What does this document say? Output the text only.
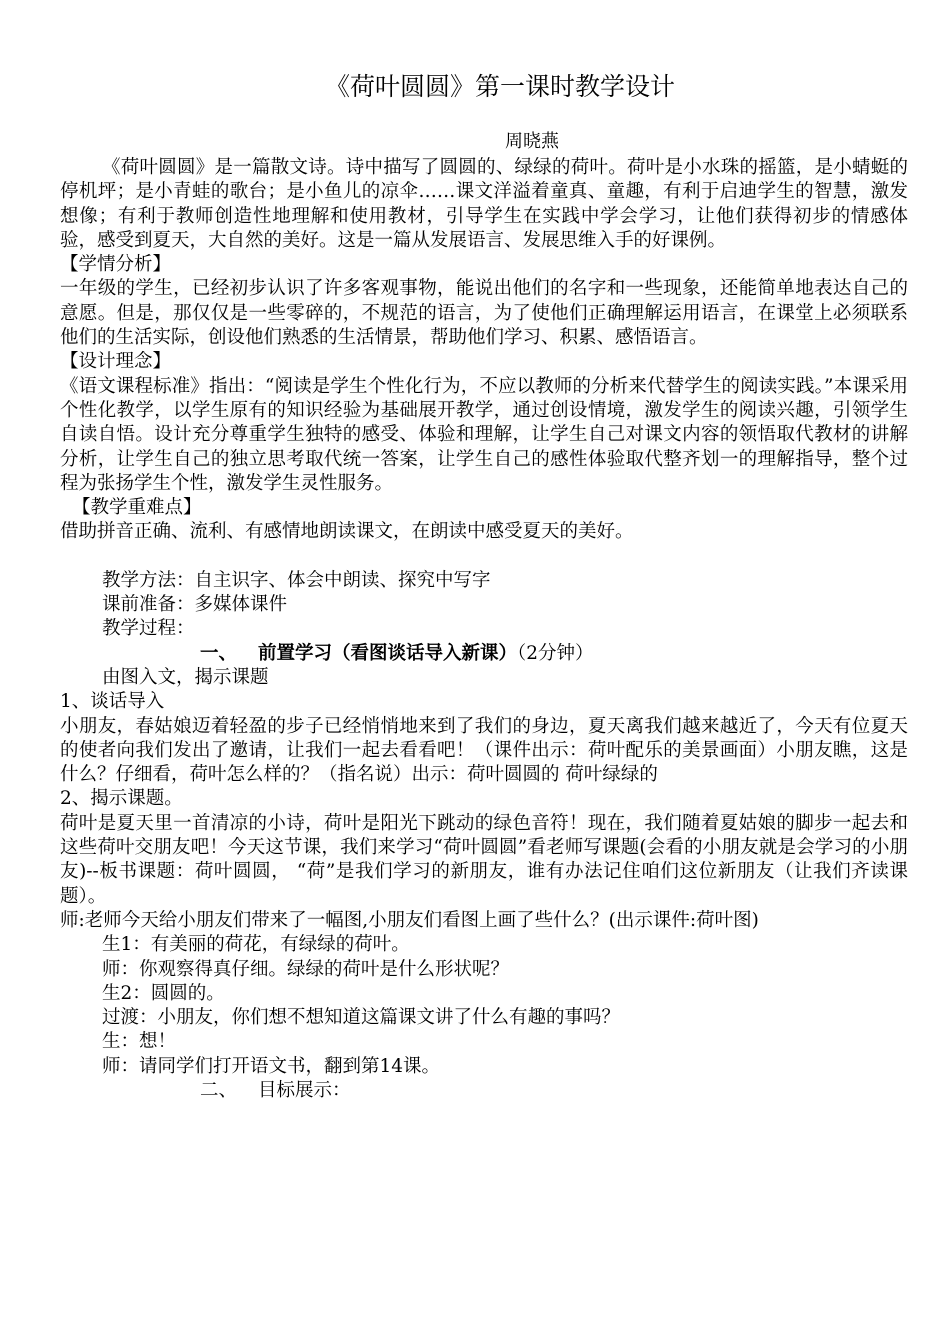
《荷叶圆圆》第一课时教学设计
周晓燕

《荷叶圆圆》是一篇散文诗。诗中描写了圆圆的、绿绿的荷叶。荷叶是小水珠的摇篮，是小蜻蜓的停机坪；是小青蛙的歌台；是小鱼儿的凉伞……课文洋溢着童真、童趣，有利于启迪学生的智慧，激发想像；有利于教师创造性地理解和使用教材，引导学生在实践中学会学习，让他们获得初步的情感体验，感受到夏天，大自然的美好。这是一篇从发展语言、发展思维入手的好课例。

【学情分析】

一年级的学生，已经初步认识了许多客观事物，能说出他们的名字和一些现象，还能简单地表达自己的意愿。但是，那仅仅是一些零碎的，不规范的语言，为了使他们正确理解运用语言，在课堂上必须联系他们的生活实际，创设他们熟悉的生活情景，帮助他们学习、积累、感悟语言。

【设计理念】

《语文课程标准》指出：“阅读是学生个性化行为，不应以教师的分析来代替学生的阅读实践。”本课采用个性化教学，以学生原有的知识经验为基础展开教学，通过创设情境，激发学生的阅读兴趣，引领学生自读自悟。设计充分尊重学生独特的感受、体验和理解，让学生自己对课文内容的领悟取代教材的讲解分析，让学生自己的独立思考取代统一答案，让学生自己的感性体验取代整齐划一的理解指导，整个过程为张扬学生个性，激发学生灵性服务。

【教学重难点】

借助拼音正确、流利、有感情地朗读课文，在朗读中感受夏天的美好。

教学方法：自主识字、体会中朗读、探究中写字

课前准备：多媒体课件

教学过程：

一、 前置学习（看图谈话导入新课）（2分钟）

由图入文，揭示课题

1、谈话导入

小朋友，春姑娘迈着轻盈的步子已经悄悄地来到了我们的身边，夏天离我们越来越近了，今天有位夏天的使者向我们发出了邀请，让我们一起去看看吧！（课件出示：荷叶配乐的美景画面）小朋友瞧，这是什么？仔细看，荷叶怎么样的？（指名说）出示：荷叶圆圆的 荷叶绿绿的

2、揭示课题。

荷叶是夏天里一首清凉的小诗，荷叶是阳光下跳动的绿色音符！现在，我们随着夏姑娘的脚步一起去和这些荷叶交朋友吧！今天这节课，我们来学习“荷叶圆圆”看老师写课题(会看的小朋友就是会学习的小朋友)--板书课题：荷叶圆圆， “荷”是我们学习的新朋友，谁有办法记住咱们这位新朋友（让我们齐读课题）。

师:老师今天给小朋友们带来了一幅图,小朋友们看图上画了些什么？(出示课件:荷叶图)

生1：有美丽的荷花，有绿绿的荷叶。

师：你观察得真仔细。绿绿的荷叶是什么形状呢？

生2：圆圆的。

过渡：小朋友，你们想不想知道这篇课文讲了什么有趣的事吗？

生：想！

师：请同学们打开语文书，翻到第14课。

二、 目标展示：
